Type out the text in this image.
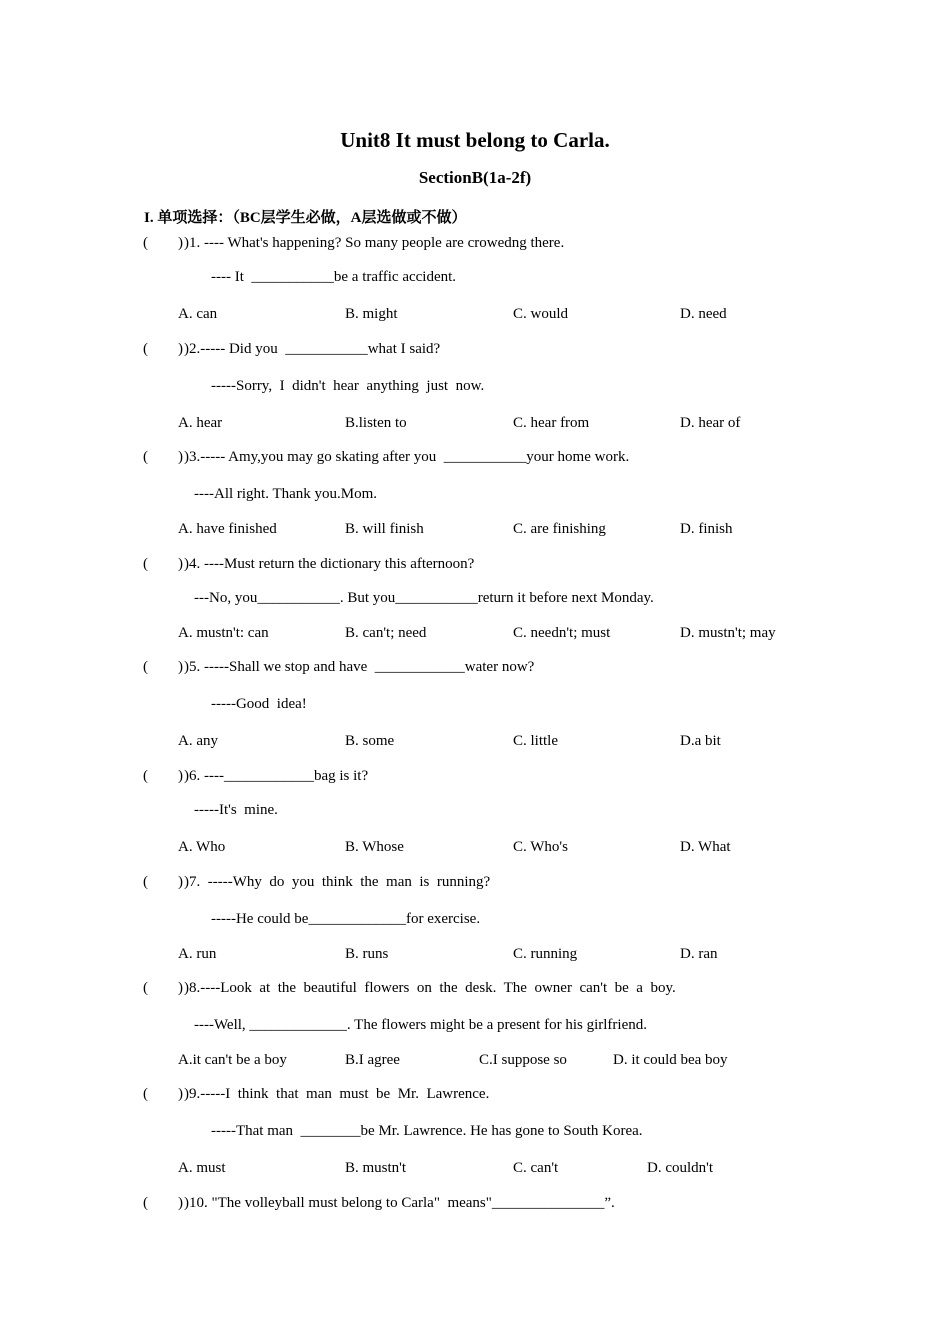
Unit8 It must belong to Carla.
SectionB(1a-2f)
I. 单项选择：（BC层学生必做，A层选做或不做）
(        ) )1. ---- What's happening? So many people are crowedng there.
---- It  ___________be a traffic accident.
A. can	B. might	C. would	D. need
(        ) )2.----- Did you  ___________what I said?
-----Sorry,  I  didn't  hear  anything  just  now.
A. hear	B.listen to	C. hear from	D. hear of
(        ) )3.----- Amy,you may go skating after you  ___________your home work.
----All right. Thank you.Mom.
A. have finished	B. will finish	C. are finishing	D. finish
(        ) )4. ----Must return the dictionary this afternoon?
---No, you___________. But you___________return it before next Monday.
A. mustn't: can	B. can't; need	C. needn't; must	D. mustn't; may
(        ) )5. -----Shall we stop and have  ____________water now?
-----Good  idea!
A. any	B. some	C. little	D.a bit
(        ) )6. ----____________bag is it?
-----It's  mine.
A. Who	B. Whose	C. Who's	D. What
(        ) )7.  -----Why  do  you  think  the  man  is  running?
-----He could be_____________for exercise.
A. run	B. runs	C. running	D. ran
(        ) )8.----Look  at  the  beautiful  flowers  on  the  desk.  The  owner  can't  be  a  boy.
----Well, _____________. The flowers might be a present for his girlfriend.
A.it can't be a boy	B.I agree	C.I suppose so	D. it could bea boy
(        ) )9.-----I  think  that  man  must  be  Mr.  Lawrence.
-----That man  ________be Mr. Lawrence. He has gone to South Korea.
A. must	B. mustn't	C. can't	D. couldn't
(        ) )10. "The volleyball must belong to Carla"  means"_______________”.
